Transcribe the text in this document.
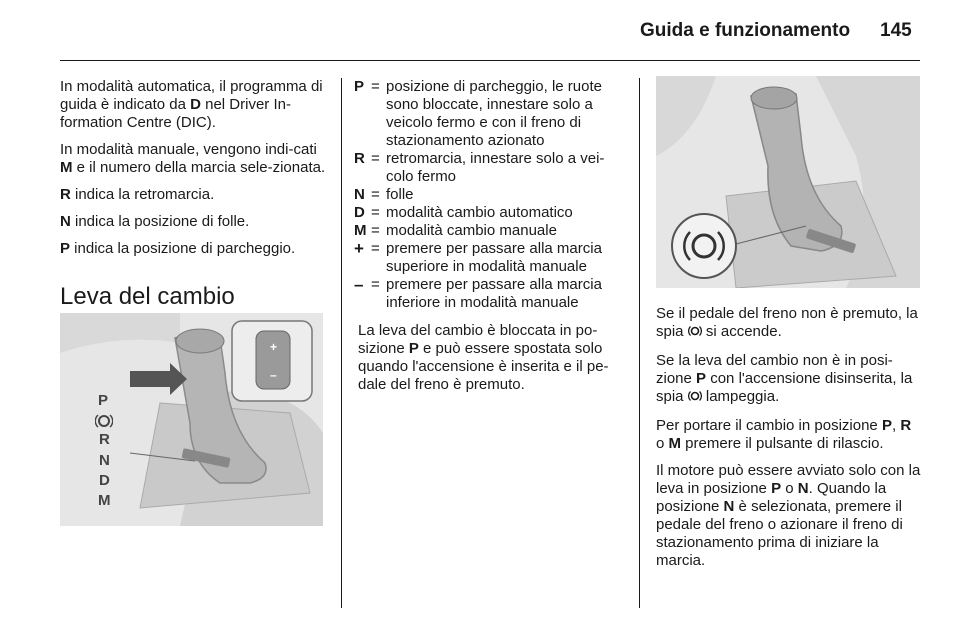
Guida e funzionamento 145

In modalità automatica, il programma di guida è indicato da D nel Driver In-formation Centre (DIC).

In modalità manuale, vengono indi-cati M e il numero della marcia sele-zionata.

R indica la retromarcia.

N indica la posizione di folle.

P indica la posizione di parcheggio.

Leva del cambio
+
–
P
R
N
D
M
P = posizione di parcheggio, le ruote sono bloccate, innestare solo a veicolo fermo e con il freno di stazionamento azionato
R = retromarcia, innestare solo a vei-colo fermo
N = folle
D = modalità cambio automatico
M = modalità cambio manuale
+ = premere per passare alla marcia superiore in modalità manuale
– = premere per passare alla marcia inferiore in modalità manuale

La leva del cambio è bloccata in po-sizione P e può essere spostata solo quando l'accensione è inserita e il pe-dale del freno è premuto.

Se il pedale del freno non è premuto, la spia  si accende.

Se la leva del cambio non è in posi-zione P con l'accensione disinserita, la spia  lampeggia.

Per portare il cambio in posizione P, R o M premere il pulsante di rilascio.

Il motore può essere avviato solo con la leva in posizione P o N. Quando la posizione N è selezionata, premere il pedale del freno o azionare il freno di stazionamento prima di iniziare la marcia.
